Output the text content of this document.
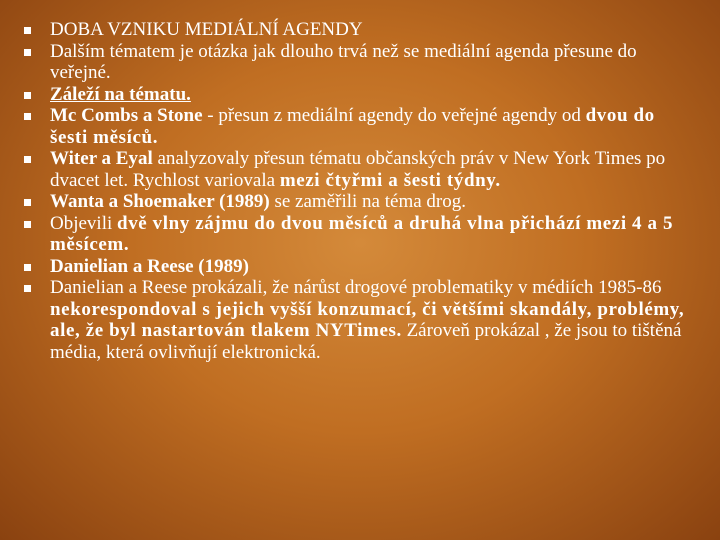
DOBA VZNIKU MEDIÁLNÍ AGENDY
Dalším tématem je otázka jak dlouho trvá než se mediální agenda přesune do veřejné.
Záleží na tématu.
Mc Combs a Stone - přesun z mediální agendy do veřejné agendy od dvou do šesti měsíců.
Witer a Eyal analyzovaly přesun tématu občanských práv v New York Times po dvacet let. Rychlost variovala mezi čtyřmi a šesti týdny.
Wanta a Shoemaker (1989) se zaměřili na téma drog.
Objevili dvě vlny zájmu do dvou měsíců a druhá vlna přichází mezi 4 a 5 měsícem.
Danielian a Reese (1989)
Danielian a Reese prokázali, že nárůst drogové problematiky v médiích 1985-86 nekorespondoval s jejich vyšší konzumací, či většími skandály, problémy, ale, že byl nastartován tlakem NYTimes. Zároveň prokázal , že jsou to tištěná média, která ovlivňují elektronická.
